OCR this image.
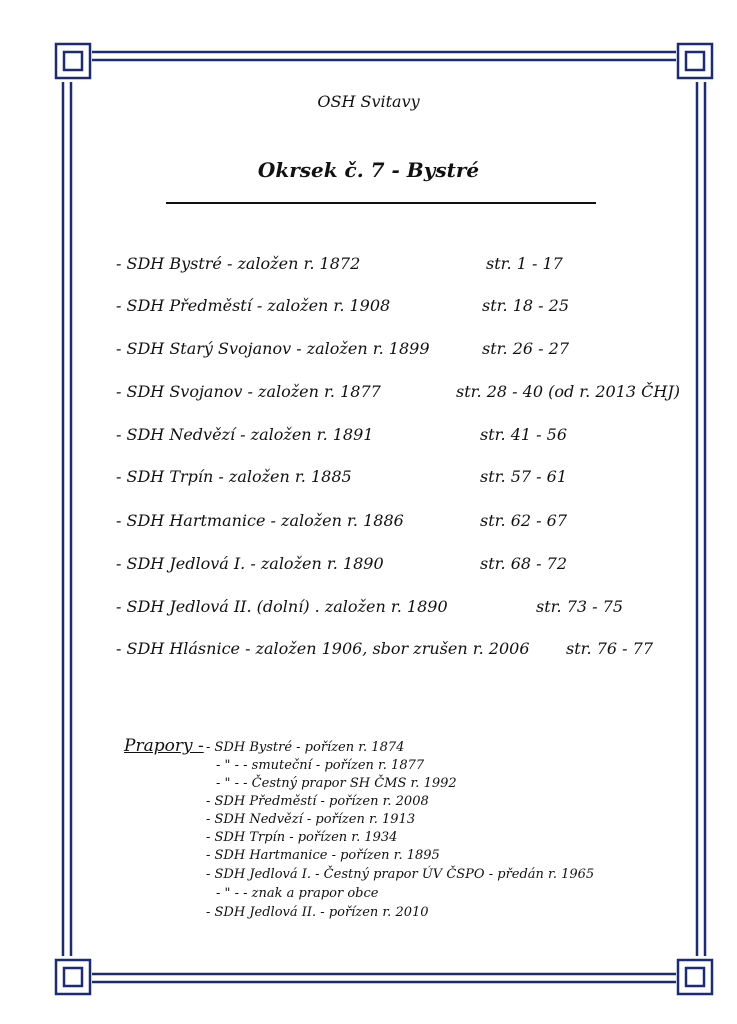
OSH Svitavy
Okrsek č. 7 - Bystré
- SDH Bystré - založen r. 1872	str. 1 - 17
- SDH Předměstí - založen r. 1908	str. 18 - 25
- SDH Starý Svojanov - založen r. 1899	str. 26 - 27
- SDH Svojanov - založen r. 1877	str. 28 - 40 (od r. 2013 ČHJ)
- SDH Nedvězí - založen r. 1891	str. 41 - 56
- SDH Trpín - založen r. 1885	str. 57 - 61
- SDH Hartmanice - založen r. 1886	str. 62 - 67
- SDH Jedlová I. - založen r. 1890	str. 68 - 72
- SDH Jedlová II. (dolní) . založen r. 1890	str. 73 - 75
- SDH Hlásnice - založen 1906, sbor zrušen r. 2006 str. 76 - 77
Prapory - - SDH Bystré - pořízen r. 1874
- " - - smuteční - pořízen r. 1877
- " - - Čestný prapor SH ČMS r. 1992
- SDH Předměstí - pořízen r. 2008
- SDH Nedvězí - pořízen r. 1913
- SDH Trpín - pořízen r. 1934
- SDH Hartmanice - pořízen r. 1895
- SDH Jedlová I. - Čestný prapor ÚV ČSPO - předán r. 1965
- " - - znak a prapor obce
- SDH Jedlová II. - pořízen r. 2010
